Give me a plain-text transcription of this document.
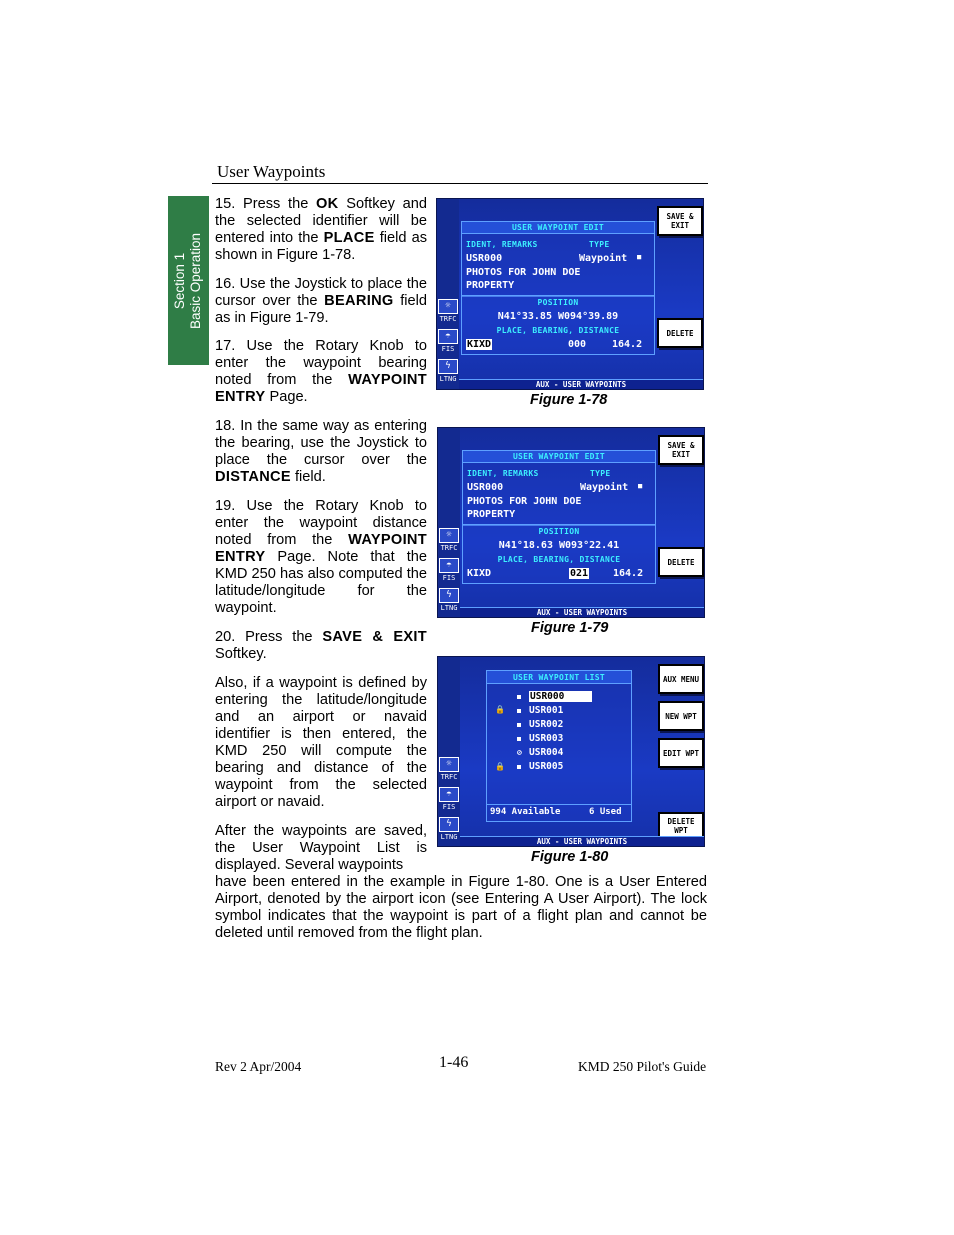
User Waypoints
Section 1 Basic Operation
15. Press the OK Softkey and the selected identifier will be entered into the PLACE field as shown in Figure 1-78.
16. Use the Joystick to place the cursor over the BEARING field as in Figure 1-79.
17. Use the Rotary Knob to enter the waypoint bearing noted from the WAYPOINT ENTRY Page.
18. In the same way as entering the bearing, use the Joystick to place the cursor over the DISTANCE field.
19. Use the Rotary Knob to enter the waypoint distance noted from the WAYPOINT ENTRY Page. Note that the KMD 250 has also computed the latitude/longitude for the waypoint.
20. Press the SAVE & EXIT Softkey.
Also, if a waypoint is defined by entering the latitude/longitude and an airport or navaid identifier is then entered, the KMD 250 will compute the bearing and distance of the waypoint from the selected airport or navaid.
After the waypoints are saved, the User Waypoint List is displayed. Several waypoints
have been entered in the example in Figure 1-80. One is a User Entered Airport, denoted by the airport icon (see Entering A User Airport). The lock symbol indicates that the waypoint is part of a flight plan and cannot be deleted until removed from the flight plan.
☼
TRFC
☂
FIS
ϟ
LTNG
USER WAYPOINT EDIT
IDENT, REMARKS	TYPE
USR000	Waypoint ■
PHOTOS FOR JOHN DOE
PROPERTY
POSITION
N41°33.85 W094°39.89
PLACE, BEARING, DISTANCE
KIXD	000	164.2
SAVE & EXIT
DELETE
AUX - USER WAYPOINTS
Figure 1-78
☼
TRFC
☂
FIS
ϟ
LTNG
USER WAYPOINT EDIT
IDENT, REMARKS	TYPE
USR000	Waypoint ■
PHOTOS FOR JOHN DOE
PROPERTY
POSITION
N41°18.63 W093°22.41
PLACE, BEARING, DISTANCE
KIXD	021 164.2
SAVE & EXIT
DELETE
AUX - USER WAYPOINTS
Figure 1-79
☼
TRFC
☂
FIS
ϟ
LTNG
USER WAYPOINT LIST
USR000
🔒	USR001
USR002
USR003
⊘ USR004
🔒	USR005
994 Available	6 Used
AUX MENU
NEW WPT
EDIT WPT
DELETE WPT
AUX - USER WAYPOINTS
Figure 1-80
Rev 2 Apr/2004	1-46	KMD 250 Pilot's Guide
